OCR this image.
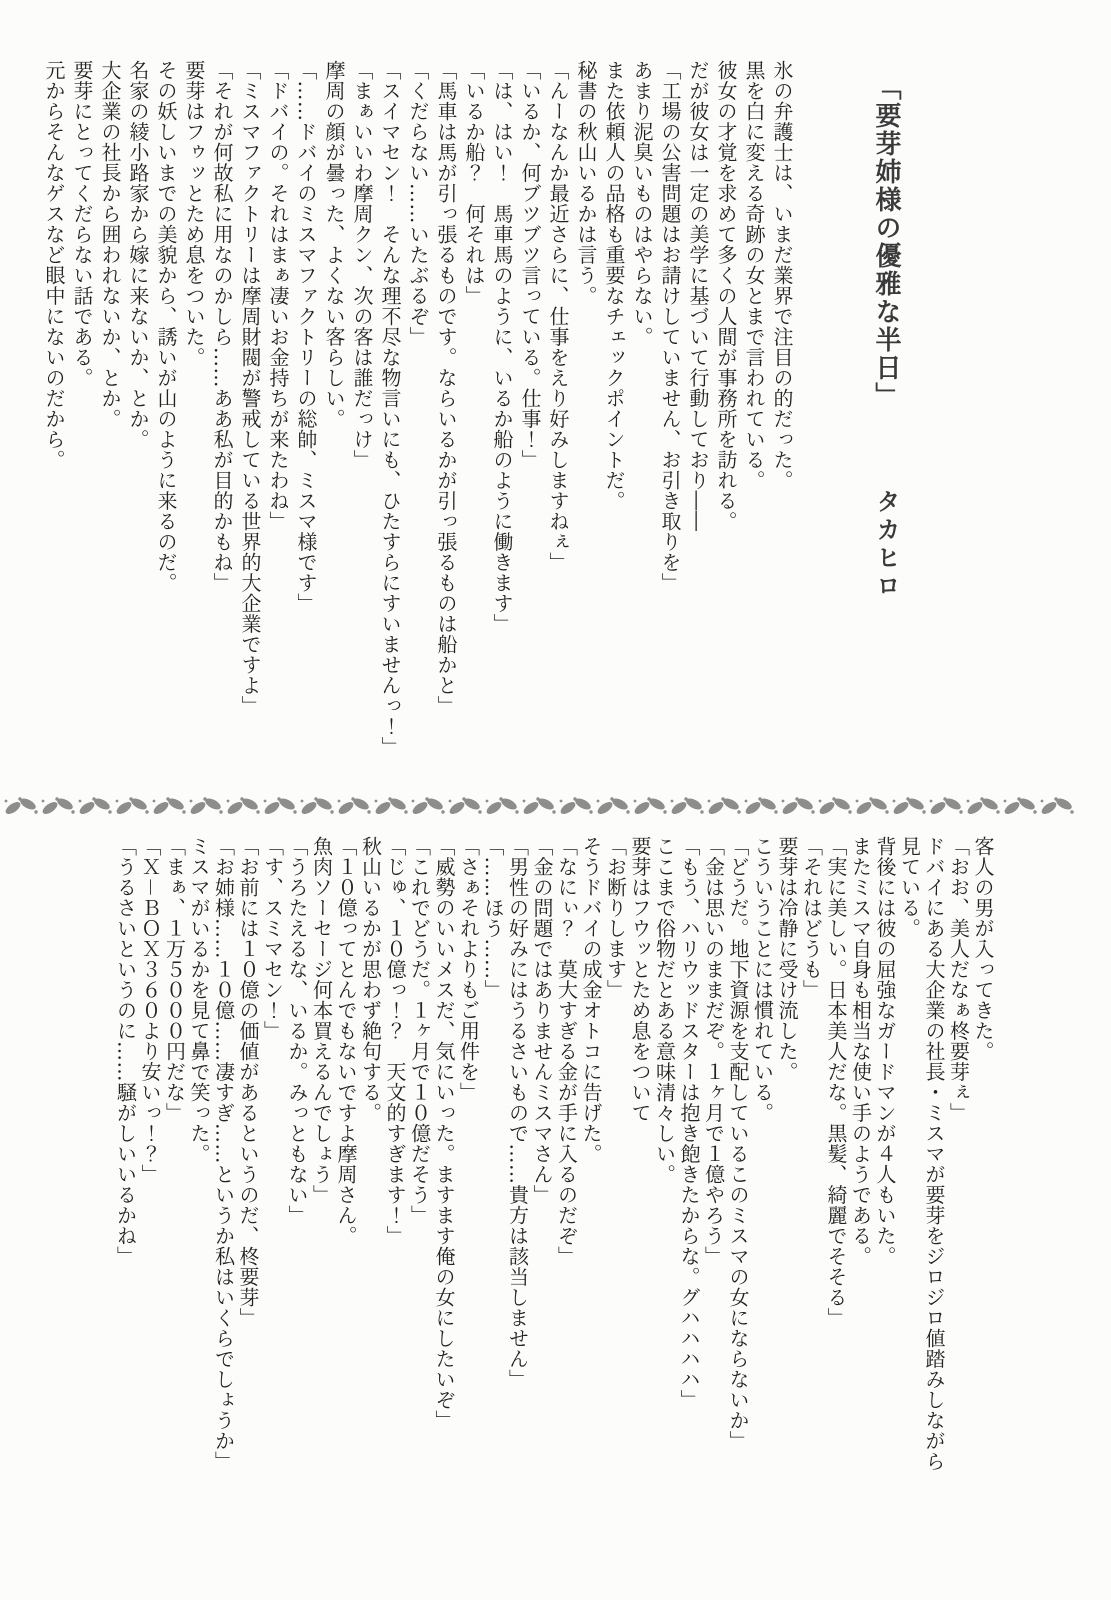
「要芽姉様の優雅な半日」 タカヒロ

氷の弁護士は、いまだ業界で注目の的だった。

黒を白に変える奇跡の女とまで言われている。

彼女の才覚を求めて多くの人間が事務所を訪れる。

だが彼女は一定の美学に基づいて行動しており――

「工場の公害問題はお請けしていません、お引き取りを」

あまり泥臭いものはやらない。

また依頼人の品格も重要なチェックポイントだ。

秘書の秋山いるかは言う。

「んーなんか最近さらに、仕事をえり好みしますねぇ」

「いるか、何ブツブツ言っている。仕事！」

「は、はい！　馬車馬のように、いるか船のように働きます」

「いるか船？　何それは」

「馬車は馬が引っ張るものです。ならいるかが引っ張るものは船かと」

「くだらない……いたぶるぞ」

「スイマセン！　そんな理不尽な物言いにも、ひたすらにすいませんっ！」

「まぁいいわ摩周クン、次の客は誰だっけ」

摩周の顔が曇った、よくない客らしい。

「……ドバイのミスマファクトリーの総帥、ミスマ様です」

「ドバイの。それはまぁ凄いお金持ちが来たわね」

「ミスマファクトリーは摩周財閥が警戒している世界的大企業ですよ」

「それが何故私に用なのかしら……ああ私が目的かもね」

要芽はフゥッとため息をついた。

その妖しいまでの美貌から、誘いが山のように来るのだ。

名家の綾小路家から嫁に来ないか、とか。

大企業の社長から囲われないか、とか。

要芽にとってくだらない話である。

元からそんなゲスなど眼中にないのだから。

客人の男が入ってきた。

「おお、美人だなぁ柊要芽ぇ」

ドバイにある大企業の社長・ミスマが要芽をジロジロ値踏みしながら

見ている。

背後には彼の屈強なガードマンが４人もいた。

またミスマ自身も相当な使い手のようである。

「実に美しい。日本美人だな。黒髪、綺麗でそそる」

「それはどうも」

要芽は冷静に受け流した。

こういうことには慣れている。

「どうだ。地下資源を支配しているこのミスマの女にならないか」

「金は思いのままだぞ。１ヶ月で１億やろう」

「もう、ハリウッドスターは抱き飽きたからな。グハハハハ」

ここまで俗物だとある意味清々しい。

要芽はフウッとため息をついて

「お断りします」

そうドバイの成金オトコに告げた。

「なにぃ？　莫大すぎる金が手に入るのだぞ」

「金の問題ではありませんミスマさん」

「男性の好みにはうるさいもので……貴方は該当しません」

「……ほう……」

「さぁそれよりもご用件を」

「威勢のいいメスだ、気にいった。ますます俺の女にしたいぞ」

「これでどうだ。１ヶ月で１０億だそう」

「じゅ、１０億っ！？　天文的すぎます！」

秋山いるかが思わず絶句する。

「１０億ってとんでもないですよ摩周さん。

魚肉ソーセージ何本買えるんでしょう」

「うろたえるな、いるか。みっともない」

「す、スミマセン！」

「お前には１０億の価値があるというのだ、柊要芽」

「お姉様……１０億……凄すぎ……というか私はいくらでしょうか」

ミスマがいるかを見て鼻で笑った。

「まぁ、１万５０００円だな」

「Ｘ－ＢＯＸ３６０より安いっ！？」

「うるさいというのに……騒がしいいるかね」
